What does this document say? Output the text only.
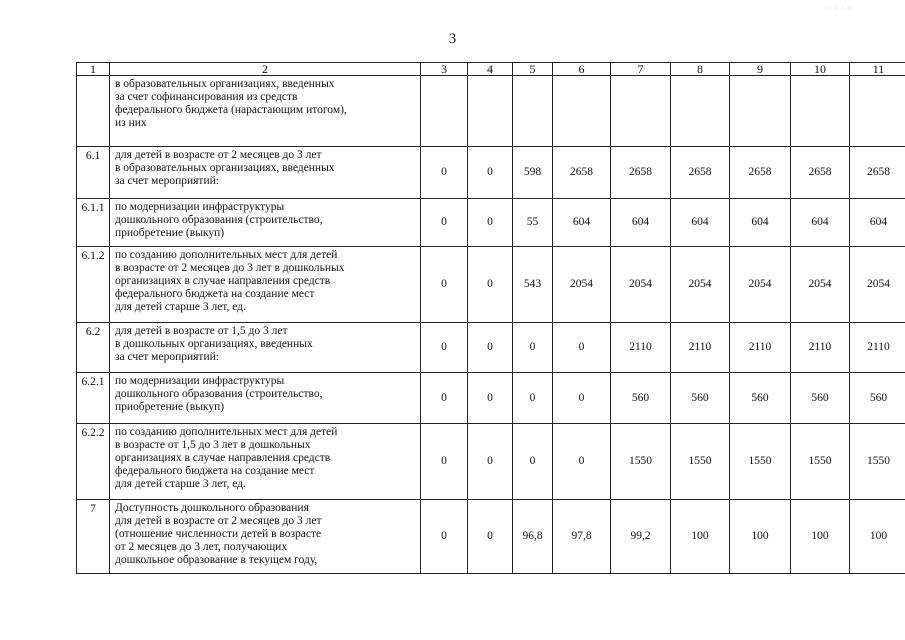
· · · ·
3
1	2	3	4	5	6	7	8	9	10	11

	в образовательных организациях, введенных
за счет софинансирования из средств
федерального бюджета (нарастающим итогом),
из них									

6.1	для детей в возрасте от 2 месяцев до 3 лет
в образовательных организациях, введенных
за счет мероприятий:	0	0	598	2658	2658	2658	2658	2658	2658
6.1.1	по модернизации инфраструктуры
дошкольного образования (строительство,
приобретение (выкуп)	0	0	55	604	604	604	604	604	604
6.1.2	по созданию дополнительных мест для детей
в возрасте от 2 месяцев до 3 лет в дошкольных
организациях в случае направления средств
федерального бюджета на создание мест
для детей старше 3 лет, ед.	0	0	543	2054	2054	2054	2054	2054	2054
6.2	для детей в возрасте от 1,5 до 3 лет
в дошкольных организациях, введенных
за счет мероприятий:	0	0	0	0	2110	2110	2110	2110	2110
6.2.1	по модернизации инфраструктуры
дошкольного образования (строительство,
приобретение (выкуп)	0	0	0	0	560	560	560	560	560
6.2.2	по созданию дополнительных мест для детей
в возрасте от 1,5 до 3 лет в дошкольных
организациях в случае направления средств
федерального бюджета на создание мест
для детей старше 3 лет, ед.	0	0	0	0	1550	1550	1550	1550	1550
7	Доступность дошкольного образования
для детей в возрасте от 2 месяцев до 3 лет
(отношение численности детей в возрасте
от 2 месяцев до 3 лет, получающих
дошкольное образование в текущем году,	0	0	96,8	97,8	99,2	100	100	100	100
